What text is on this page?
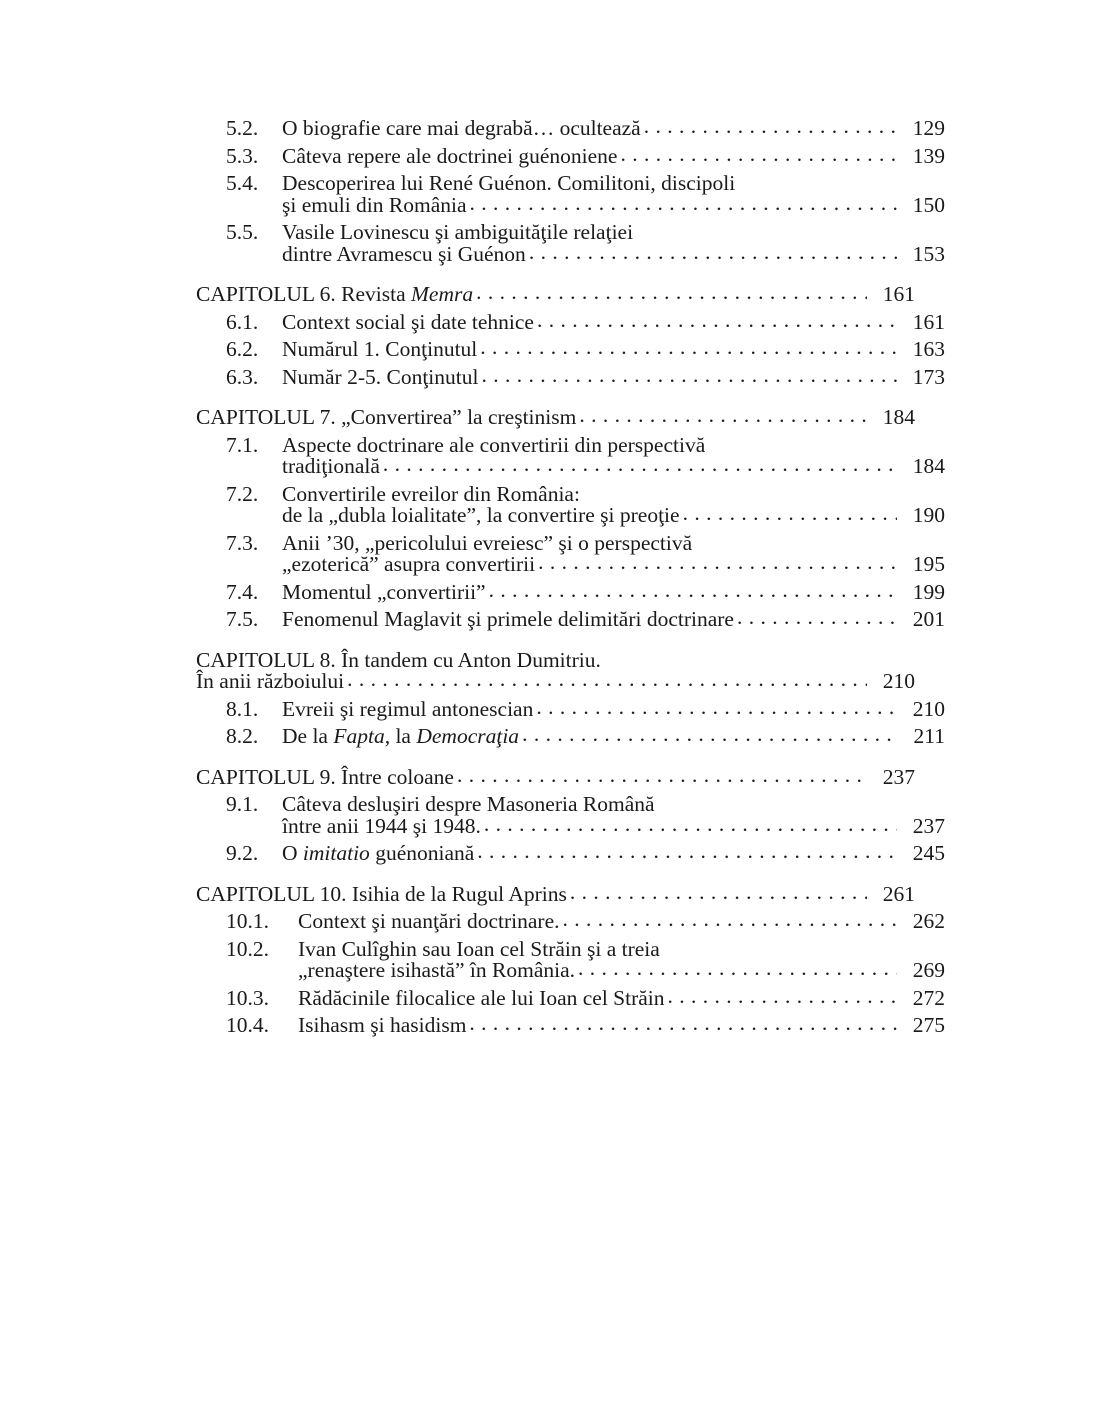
5.2.	O biografie care mai degrabă… ocultează . . .	129
5.3.	Câteva repere ale doctrinei guénoniene . . .	139
5.4.	Descoperirea lui René Guénon. Comilitoni, discipoli
şi emuli din România . . .	150
5.5.	Vasile Lovinescu şi ambiguităţile relaţiei
dintre Avramescu şi Guénon . . .	153
CAPITOLUL 6. Revista Memra . . .	161
6.1.	Context social şi date tehnice . . .	161
6.2.	Numărul 1. Conţinutul . . .	163
6.3.	Număr 2-5. Conţinutul . . .	173
CAPITOLUL 7. „Convertirea” la creştinism . . .	184
7.1.	Aspecte doctrinare ale convertirii din perspectivă
tradiţională . . .	184
7.2.	Convertirile evreilor din România:
de la „dubla loialitate”, la convertire şi preoţie . . .	190
7.3.	Anii ’30, „pericolului evreiesc” şi o perspectivă
„ezoterică” asupra convertirii . . .	195
7.4.	Momentul „convertirii” . . .	199
7.5.	Fenomenul Maglavit şi primele delimitări doctrinare . . .	201
CAPITOLUL 8. În tandem cu Anton Dumitriu.
În anii războiului . . .	210
8.1.	Evreii şi regimul antonescian . . .	210
8.2.	De la Fapta, la Democraţia . . .	211
CAPITOLUL 9. Între coloane . . .	237
9.1.	Câteva desluşiri despre Masoneria Română
între anii 1944 şi 1948. . . .	237
9.2.	O imitatio guénoniană . . .	245
CAPITOLUL 10. Isihia de la Rugul Aprins . . .	261
10.1.	Context şi nuanţări doctrinare. . . .	262
10.2.	Ivan Culîghin sau Ioan cel Străin şi a treia
„renaştere isihastă” în România. . . .	269
10.3.	Rădăcinile filocalice ale lui Ioan cel Străin . . .	272
10.4.	Isihasm şi hasidism . . .	275
